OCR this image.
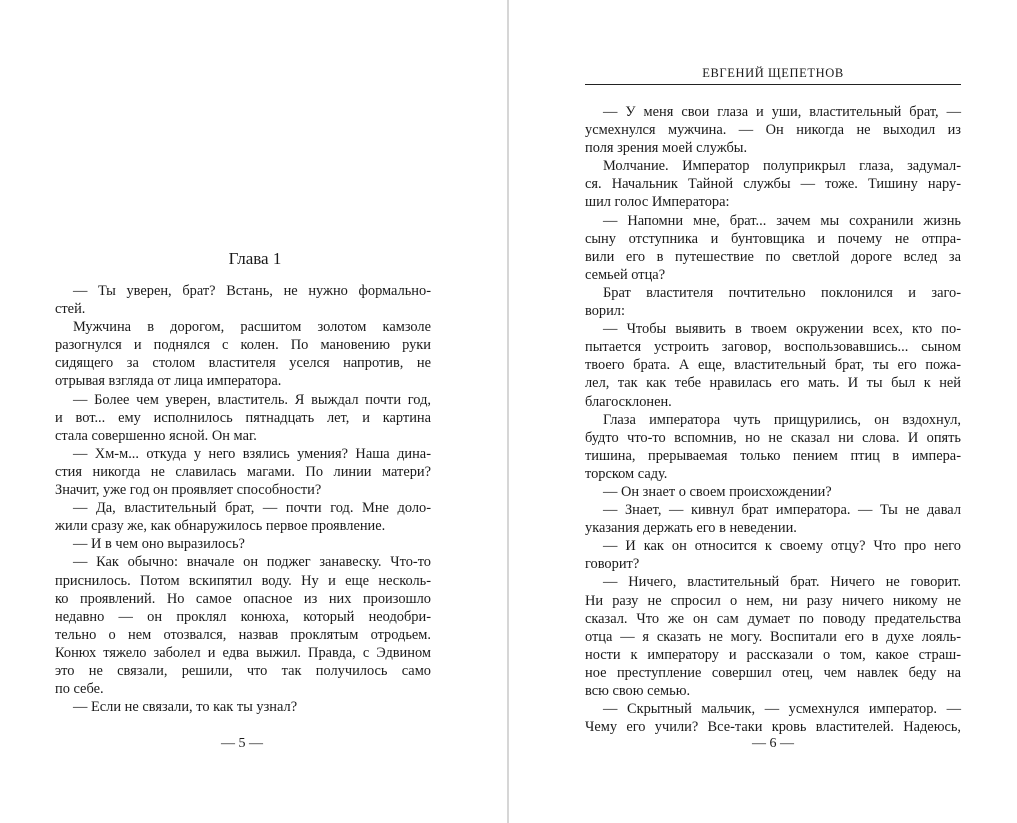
Глава 1
— Ты уверен, брат? Встань, не нужно формально-
стей.
Мужчина в дорогом, расшитом золотом камзоле
разогнулся и поднялся с колен. По мановению руки
сидящего за столом властителя уселся напротив, не
отрывая взгляда от лица императора.
— Более чем уверен, властитель. Я выждал почти год,
и вот... ему исполнилось пятнадцать лет, и картина
стала совершенно ясной. Он маг.
— Хм-м... откуда у него взялись умения? Наша дина-
стия никогда не славилась магами. По линии матери?
Значит, уже год он проявляет способности?
— Да, властительный брат, — почти год. Мне доло-
жили сразу же, как обнаружилось первое проявление.
— И в чем оно выразилось?
— Как обычно: вначале он поджег занавеску. Что-то
приснилось. Потом вскипятил воду. Ну и еще несколь-
ко проявлений. Но самое опасное из них произошло
недавно — он проклял конюха, который неодобри-
тельно о нем отозвался, назвав проклятым отродьем.
Конюх тяжело заболел и едва выжил. Правда, с Эдвином
это не связали, решили, что так получилось само
по себе.
— Если не связали, то как ты узнал?
— 5 —
ЕВГЕНИЙ ЩЕПЕТНОВ
— У меня свои глаза и уши, властительный брат, —
усмехнулся мужчина. — Он никогда не выходил из
поля зрения моей службы.
Молчание. Император полуприкрыл глаза, задумал-
ся. Начальник Тайной службы — тоже. Тишину нару-
шил голос Императора:
— Напомни мне, брат... зачем мы сохранили жизнь
сыну отступника и бунтовщика и почему не отпра-
вили его в путешествие по светлой дороге вслед за
семьей отца?
Брат властителя почтительно поклонился и заго-
ворил:
— Чтобы выявить в твоем окружении всех, кто по-
пытается устроить заговор, воспользовавшись... сыном
твоего брата. А еще, властительный брат, ты его пожа-
лел, так как тебе нравилась его мать. И ты был к ней
благосклонен.
Глаза императора чуть прищурились, он вздохнул,
будто что-то вспомнив, но не сказал ни слова. И опять
тишина, прерываемая только пением птиц в импера-
торском саду.
— Он знает о своем происхождении?
— Знает, — кивнул брат императора. — Ты не давал
указания держать его в неведении.
— И как он относится к своему отцу? Что про него
говорит?
— Ничего, властительный брат. Ничего не говорит.
Ни разу не спросил о нем, ни разу ничего никому не
сказал. Что же он сам думает по поводу предательства
отца — я сказать не могу. Воспитали его в духе лояль-
ности к императору и рассказали о том, какое страш-
ное преступление совершил отец, чем навлек беду на
всю свою семью.
— Скрытный мальчик, — усмехнулся император. —
Чему его учили? Все-таки кровь властителей. Надеюсь,
— 6 —
